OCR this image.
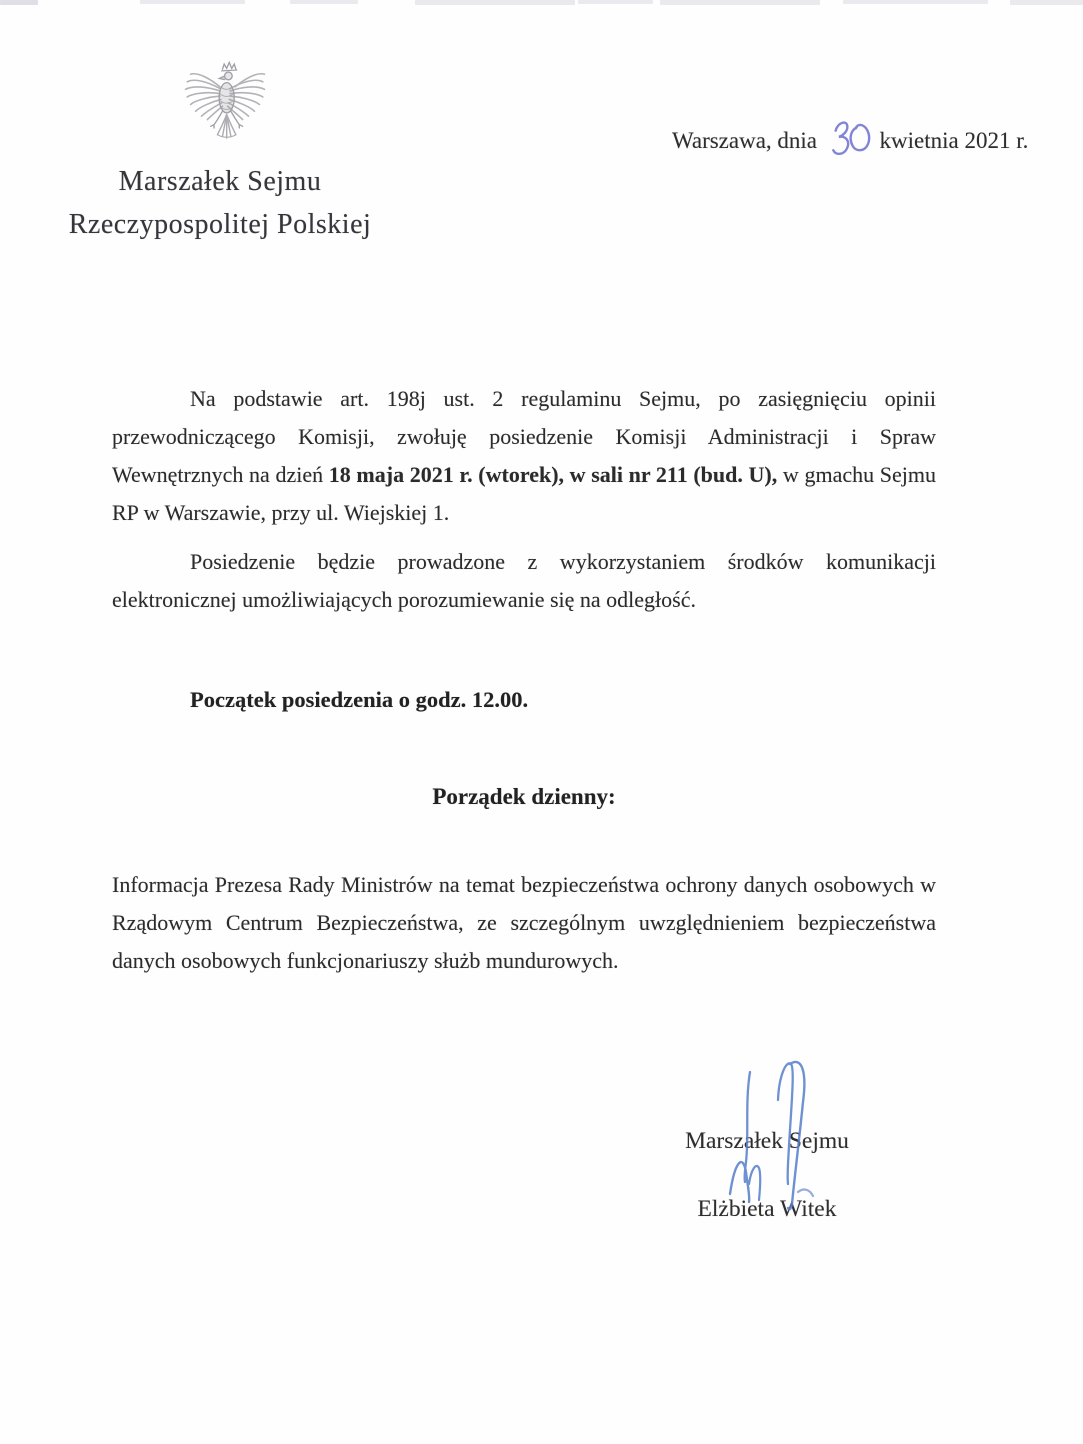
Marszałek Sejmu
Rzeczypospolitej Polskiej
Warszawa, dnia	kwietnia 2021 r.

Na podstawie art. 198j ust. 2 regulaminu Sejmu, po zasięgnięciu opinii przewodniczącego Komisji, zwołuję posiedzenie Komisji Administracji i Spraw Wewnętrznych na dzień 18 maja 2021 r. (wtorek), w sali nr 211 (bud. U), w gmachu Sejmu RP w Warszawie, przy ul. Wiejskiej 1.

Posiedzenie będzie prowadzone z wykorzystaniem środków komunikacji elektronicznej umożliwiających porozumiewanie się na odległość.

Początek posiedzenia o godz. 12.00.

Porządek dzienny:

Informacja Prezesa Rady Ministrów na temat bezpieczeństwa ochrony danych osobowych w Rządowym Centrum Bezpieczeństwa, ze szczególnym uwzględnieniem bezpieczeństwa danych osobowych funkcjonariuszy służb mundurowych.

Marszałek Sejmu
Elżbieta Witek
